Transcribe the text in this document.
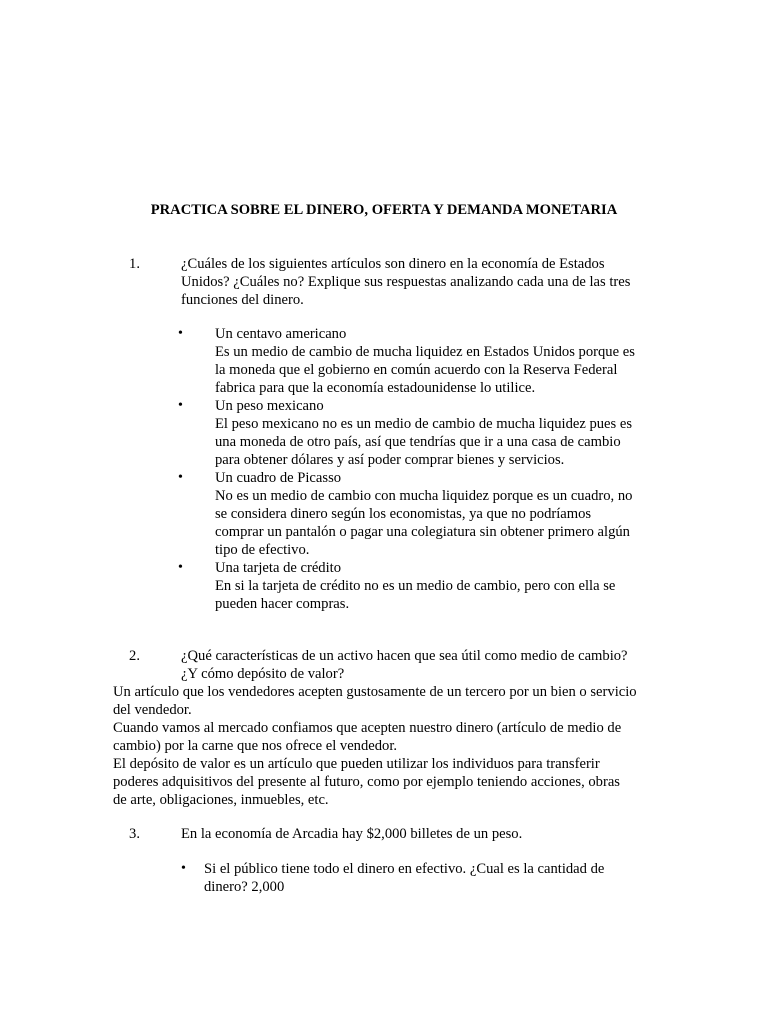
PRACTICA SOBRE EL DINERO, OFERTA Y DEMANDA MONETARIA
1.	¿Cuáles de los siguientes artículos son dinero en la economía de Estados
Unidos? ¿Cuáles no? Explique sus respuestas analizando cada una de las tres
funciones del dinero.
• Un centavo americano
Es un medio de cambio de mucha liquidez en Estados Unidos porque es
la moneda que el gobierno en común acuerdo con la Reserva Federal
fabrica para que la economía estadounidense lo utilice.
• Un peso mexicano
El peso mexicano no es un medio de cambio de mucha liquidez pues es
una moneda de otro país, así que tendrías que ir a una casa de cambio
para obtener dólares y así poder comprar bienes y servicios.
• Un cuadro de Picasso
No es un medio de cambio con mucha liquidez porque es un cuadro, no
se considera dinero según los economistas, ya que no podríamos
comprar un pantalón o pagar una colegiatura sin obtener primero algún
tipo de efectivo.
• Una tarjeta de crédito
En si la tarjeta de crédito no es un medio de cambio, pero con ella se
pueden hacer compras.
2.	¿Qué características de un activo hacen que sea útil como medio de cambio?
¿Y cómo depósito de valor?
Un artículo que los vendedores acepten gustosamente de un tercero por un bien o servicio
del vendedor.
Cuando vamos al mercado confiamos que acepten nuestro dinero (artículo de medio de
cambio) por la carne que nos ofrece el vendedor.
El depósito de valor es un artículo que pueden utilizar los individuos para transferir
poderes adquisitivos del presente al futuro, como por ejemplo teniendo acciones, obras
de arte, obligaciones, inmuebles, etc.
3.	En la economía de Arcadia hay $2,000 billetes de un peso.
• Si el público tiene todo el dinero en efectivo. ¿Cual es la cantidad de
dinero? 2,000
